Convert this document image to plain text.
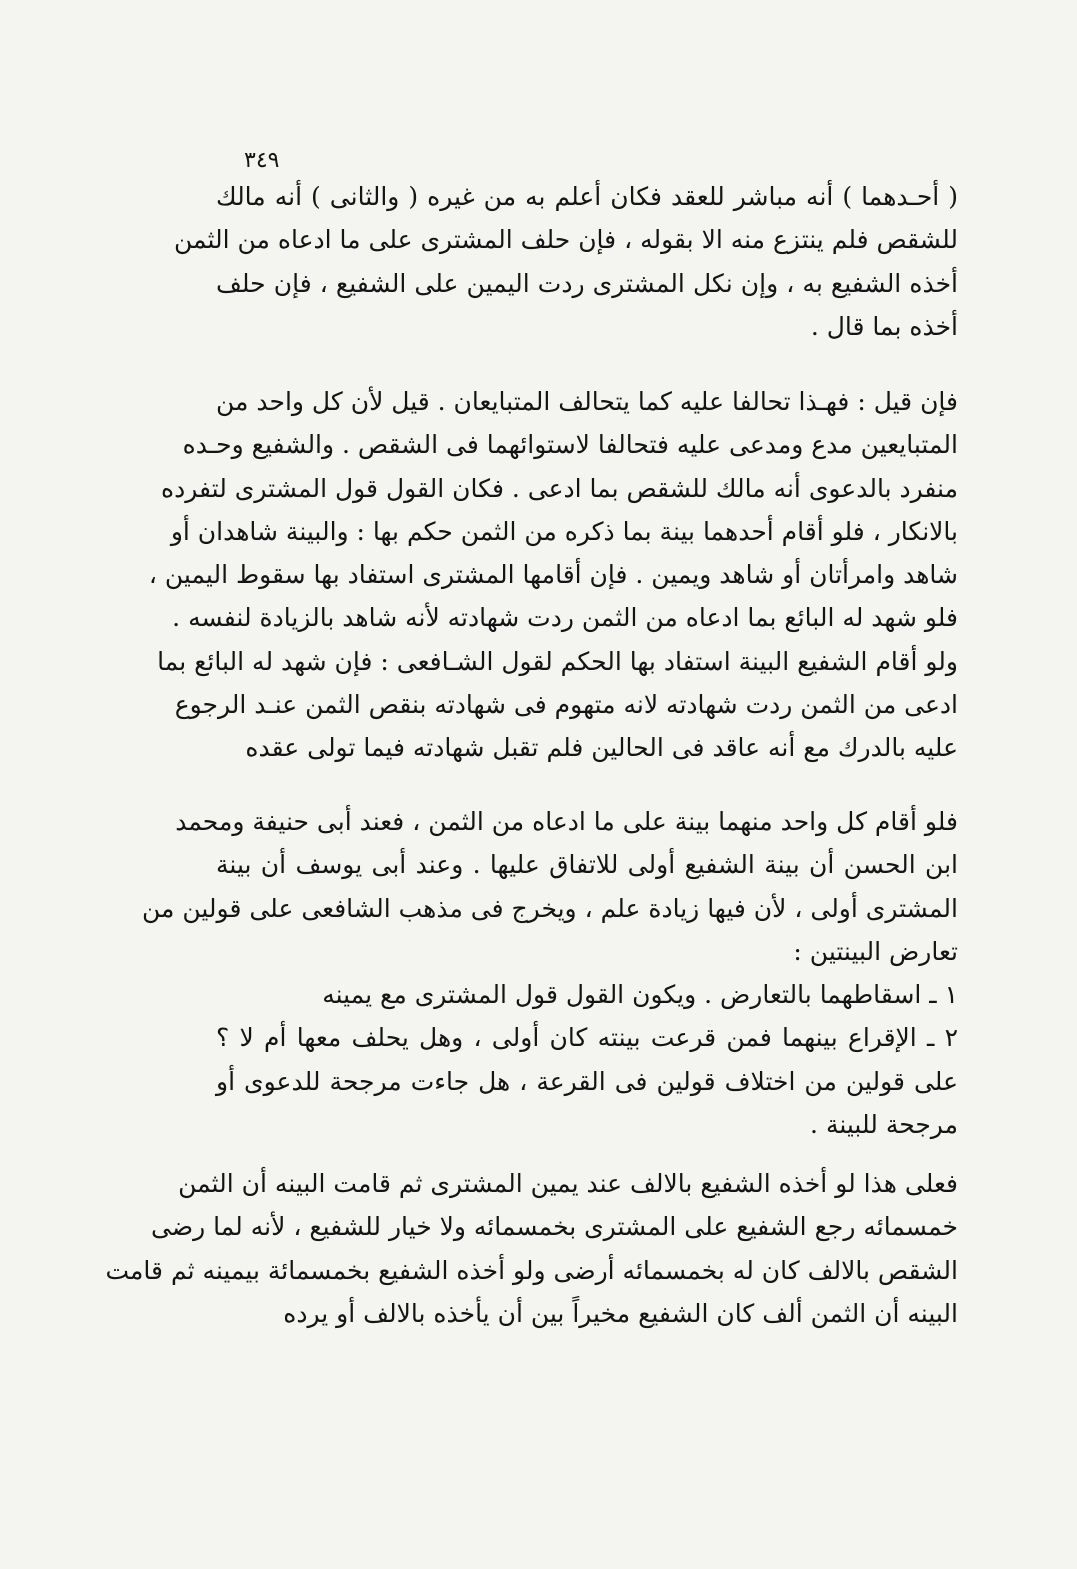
٣٤٩
( أحـدهما ) أنه مباشر للعقد فكان أعلم به من غيره ( والثانى ) أنه مالك
للشقص فلم ينتزع منه الا بقوله ، فإن حلف المشترى على ما ادعاه من الثمن
أخذه الشفيع به ، وإن نكل المشترى ردت اليمين على الشفيع ، فإن حلف
أخذه بما قال .
فإن قيل : فهـذا تحالفا عليه كما يتحالف المتبايعان . قيل لأن كل واحد من
المتبايعين مدع ومدعى عليه فتحالفا لاستوائهما فى الشقص . والشفيع وحـده
منفرد بالدعوى أنه مالك للشقص بما ادعى . فكان القول قول المشترى لتفرده
بالانكار ، فلو أقام أحدهما بينة بما ذكره من الثمن حكم بها : والبينة شاهدان أو
شاهد وامرأتان أو شاهد ويمين . فإن أقامها المشترى استفاد بها سقوط اليمين ،
فلو شهد له البائع بما ادعاه من الثمن ردت شهادته لأنه شاهد بالزيادة لنفسه .
ولو أقام الشفيع البينة استفاد بها الحكم لقول الشـافعى : فإن شهد له البائع بما
ادعى من الثمن ردت شهادته لانه متهوم فى شهادته بنقص الثمن عنـد الرجوع
عليه بالدرك مع أنه عاقد فى الحالين فلم تقبل شهادته فيما تولى عقده
فلو أقام كل واحد منهما بينة على ما ادعاه من الثمن ، فعند أبى حنيفة ومحمد
ابن الحسن أن بينة الشفيع أولى للاتفاق عليها . وعند أبى يوسف أن بينة
المشترى أولى ، لأن فيها زيادة علم ، ويخرج فى مذهب الشافعى على قولين من
تعارض البينتين :
١ ـ اسقاطهما بالتعارض . ويكون القول قول المشترى مع يمينه
٢ ـ الإقراع بينهما فمن قرعت بينته كان أولى ، وهل يحلف معها أم لا ؟
على قولين من اختلاف قولين فى القرعة ، هل جاءت مرجحة للدعوى أو
مرجحة للبينة .
فعلى هذا لو أخذه الشفيع بالالف عند يمين المشترى ثم قامت البينه أن الثمن
خمسمائه رجع الشفيع على المشترى بخمسمائه ولا خيار للشفيع ، لأنه لما رضى
الشقص بالالف كان له بخمسمائه أرضى ولو أخذه الشفيع بخمسمائة بيمينه ثم قامت
البينه أن الثمن ألف كان الشفيع مخيراً بين أن يأخذه بالالف أو يرده
